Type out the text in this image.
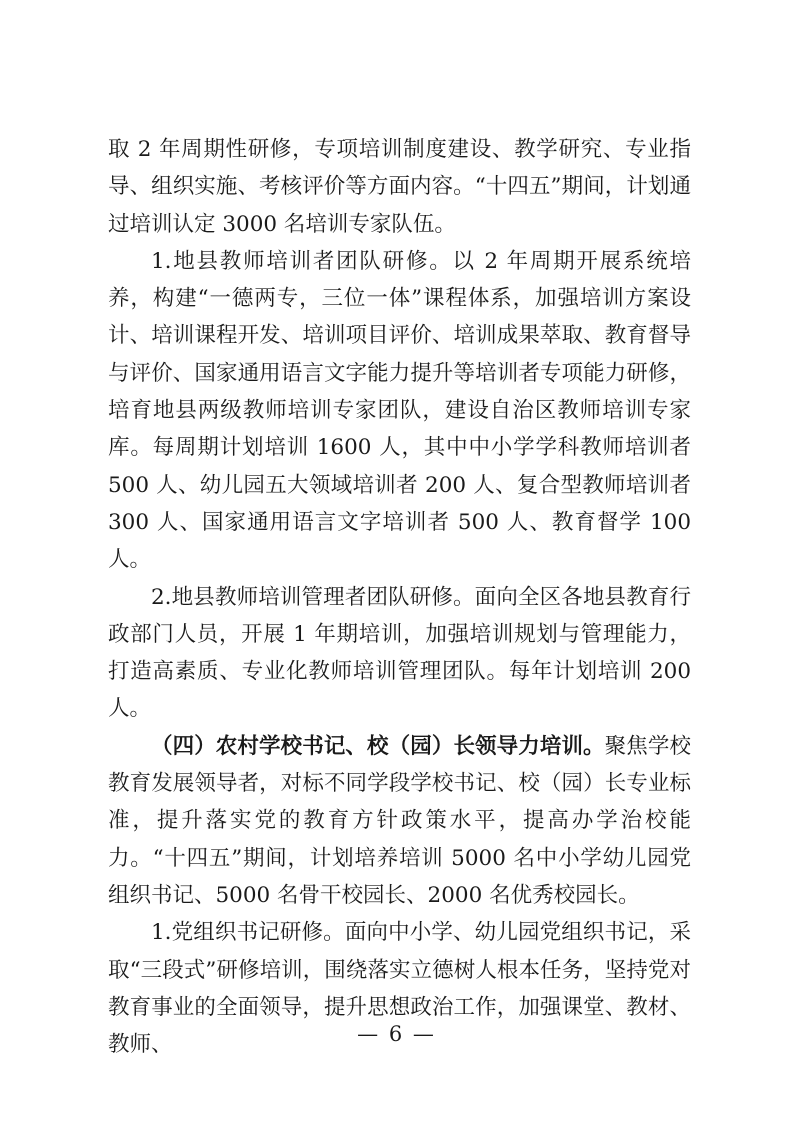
取 2 年周期性研修，专项培训制度建设、教学研究、专业指导、组织实施、考核评价等方面内容。“十四五”期间，计划通过培训认定 3000 名培训专家队伍。

1.地县教师培训者团队研修。以 2 年周期开展系统培养，构建“一德两专，三位一体”课程体系，加强培训方案设计、培训课程开发、培训项目评价、培训成果萃取、教育督导与评价、国家通用语言文字能力提升等培训者专项能力研修，培育地县两级教师培训专家团队，建设自治区教师培训专家库。每周期计划培训 1600 人，其中中小学学科教师培训者 500 人、幼儿园五大领域培训者 200 人、复合型教师培训者 300 人、国家通用语言文字培训者 500 人、教育督学 100 人。

2.地县教师培训管理者团队研修。面向全区各地县教育行政部门人员，开展 1 年期培训，加强培训规划与管理能力，打造高素质、专业化教师培训管理团队。每年计划培训 200 人。

（四）农村学校书记、校（园）长领导力培训。聚焦学校教育发展领导者，对标不同学段学校书记、校（园）长专业标准，提升落实党的教育方针政策水平，提高办学治校能力。“十四五”期间，计划培养培训 5000 名中小学幼儿园党组织书记、5000 名骨干校园长、2000 名优秀校园长。

1.党组织书记研修。面向中小学、幼儿园党组织书记，采取“三段式”研修培训，围绕落实立德树人根本任务，坚持党对教育事业的全面领导，提升思想政治工作，加强课堂、教材、教师、	— 6 —
